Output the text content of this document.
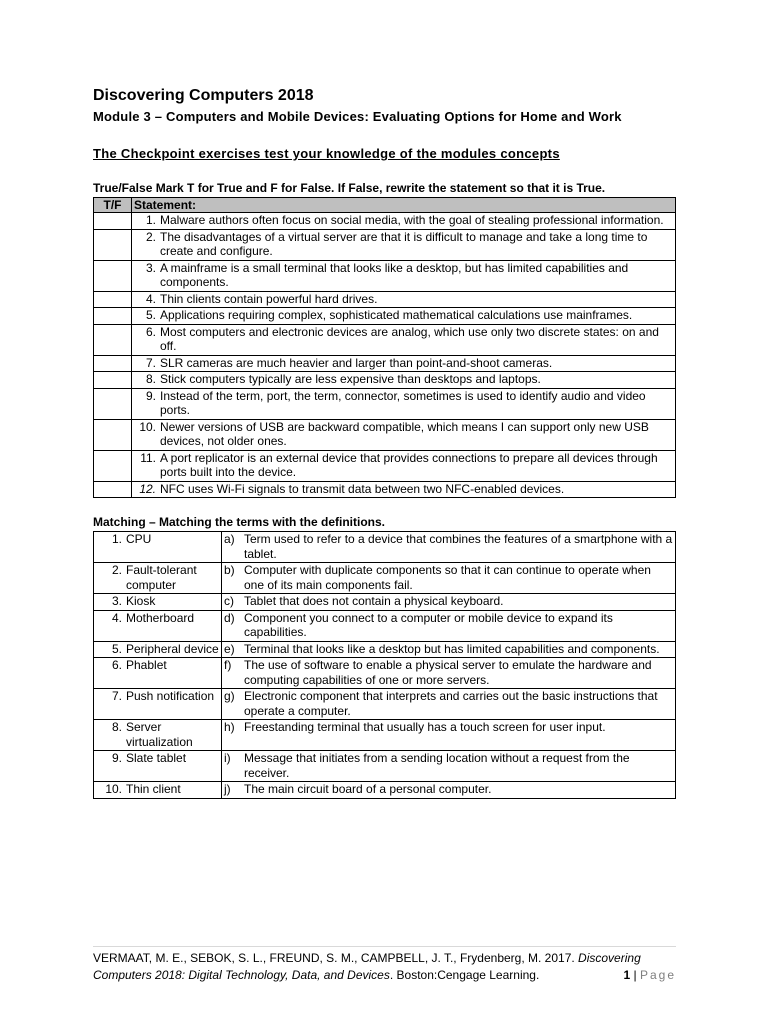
Discovering Computers 2018
Module 3 – Computers and Mobile Devices: Evaluating Options for Home and Work

The Checkpoint exercises test your knowledge of the modules concepts

True/False Mark T for True and F for False. If False, rewrite the statement so that it is True.

T/F	Statement:

	1. Malware authors often focus on social media, with the goal of stealing professional information.

	2. The disadvantages of a virtual server are that it is difficult to manage and take a long time to create and configure.

	3. A mainframe is a small terminal that looks like a desktop, but has limited capabilities and components.

	4. Thin clients contain powerful hard drives.

	5. Applications requiring complex, sophisticated mathematical calculations use mainframes.

	6. Most computers and electronic devices are analog, which use only two discrete states: on and off.

	7. SLR cameras are much heavier and larger than point-and-shoot cameras.

	8. Stick computers typically are less expensive than desktops and laptops.

	9. Instead of the term, port, the term, connector, sometimes is used to identify audio and video ports.

	10. Newer versions of USB are backward compatible, which means I can support only new USB devices, not older ones.

	11. A port replicator is an external device that provides connections to prepare all devices through ports built into the device.

	12. NFC uses Wi-Fi signals to transmit data between two NFC-enabled devices.

Matching – Matching the terms with the definitions.

1. CPU	a) Term used to refer to a device that combines the features of a smartphone with a tablet.

2. Fault-tolerant computer	b) Computer with duplicate components so that it can continue to operate when one of its main components fail.

3. Kiosk	c) Tablet that does not contain a physical keyboard.

4. Motherboard	d) Component you connect to a computer or mobile device to expand its capabilities.

5. Peripheral device	e) Terminal that looks like a desktop but has limited capabilities and components.

6. Phablet	f) The use of software to enable a physical server to emulate the hardware and computing capabilities of one or more servers.

7. Push notification	g) Electronic component that interprets and carries out the basic instructions that operate a computer.

8. Server virtualization	h) Freestanding terminal that usually has a touch screen for user input.

9. Slate tablet	i) Message that initiates from a sending location without a request from the receiver.

10. Thin client	j) The main circuit board of a personal computer.
VERMAAT, M. E., SEBOK, S. L., FREUND, S. M., CAMPBELL, J. T., Frydenberg, M. 2017. Discovering
Computers 2018: Digital Technology, Data, and Devices. Boston:Cengage Learning.	1 | Page
